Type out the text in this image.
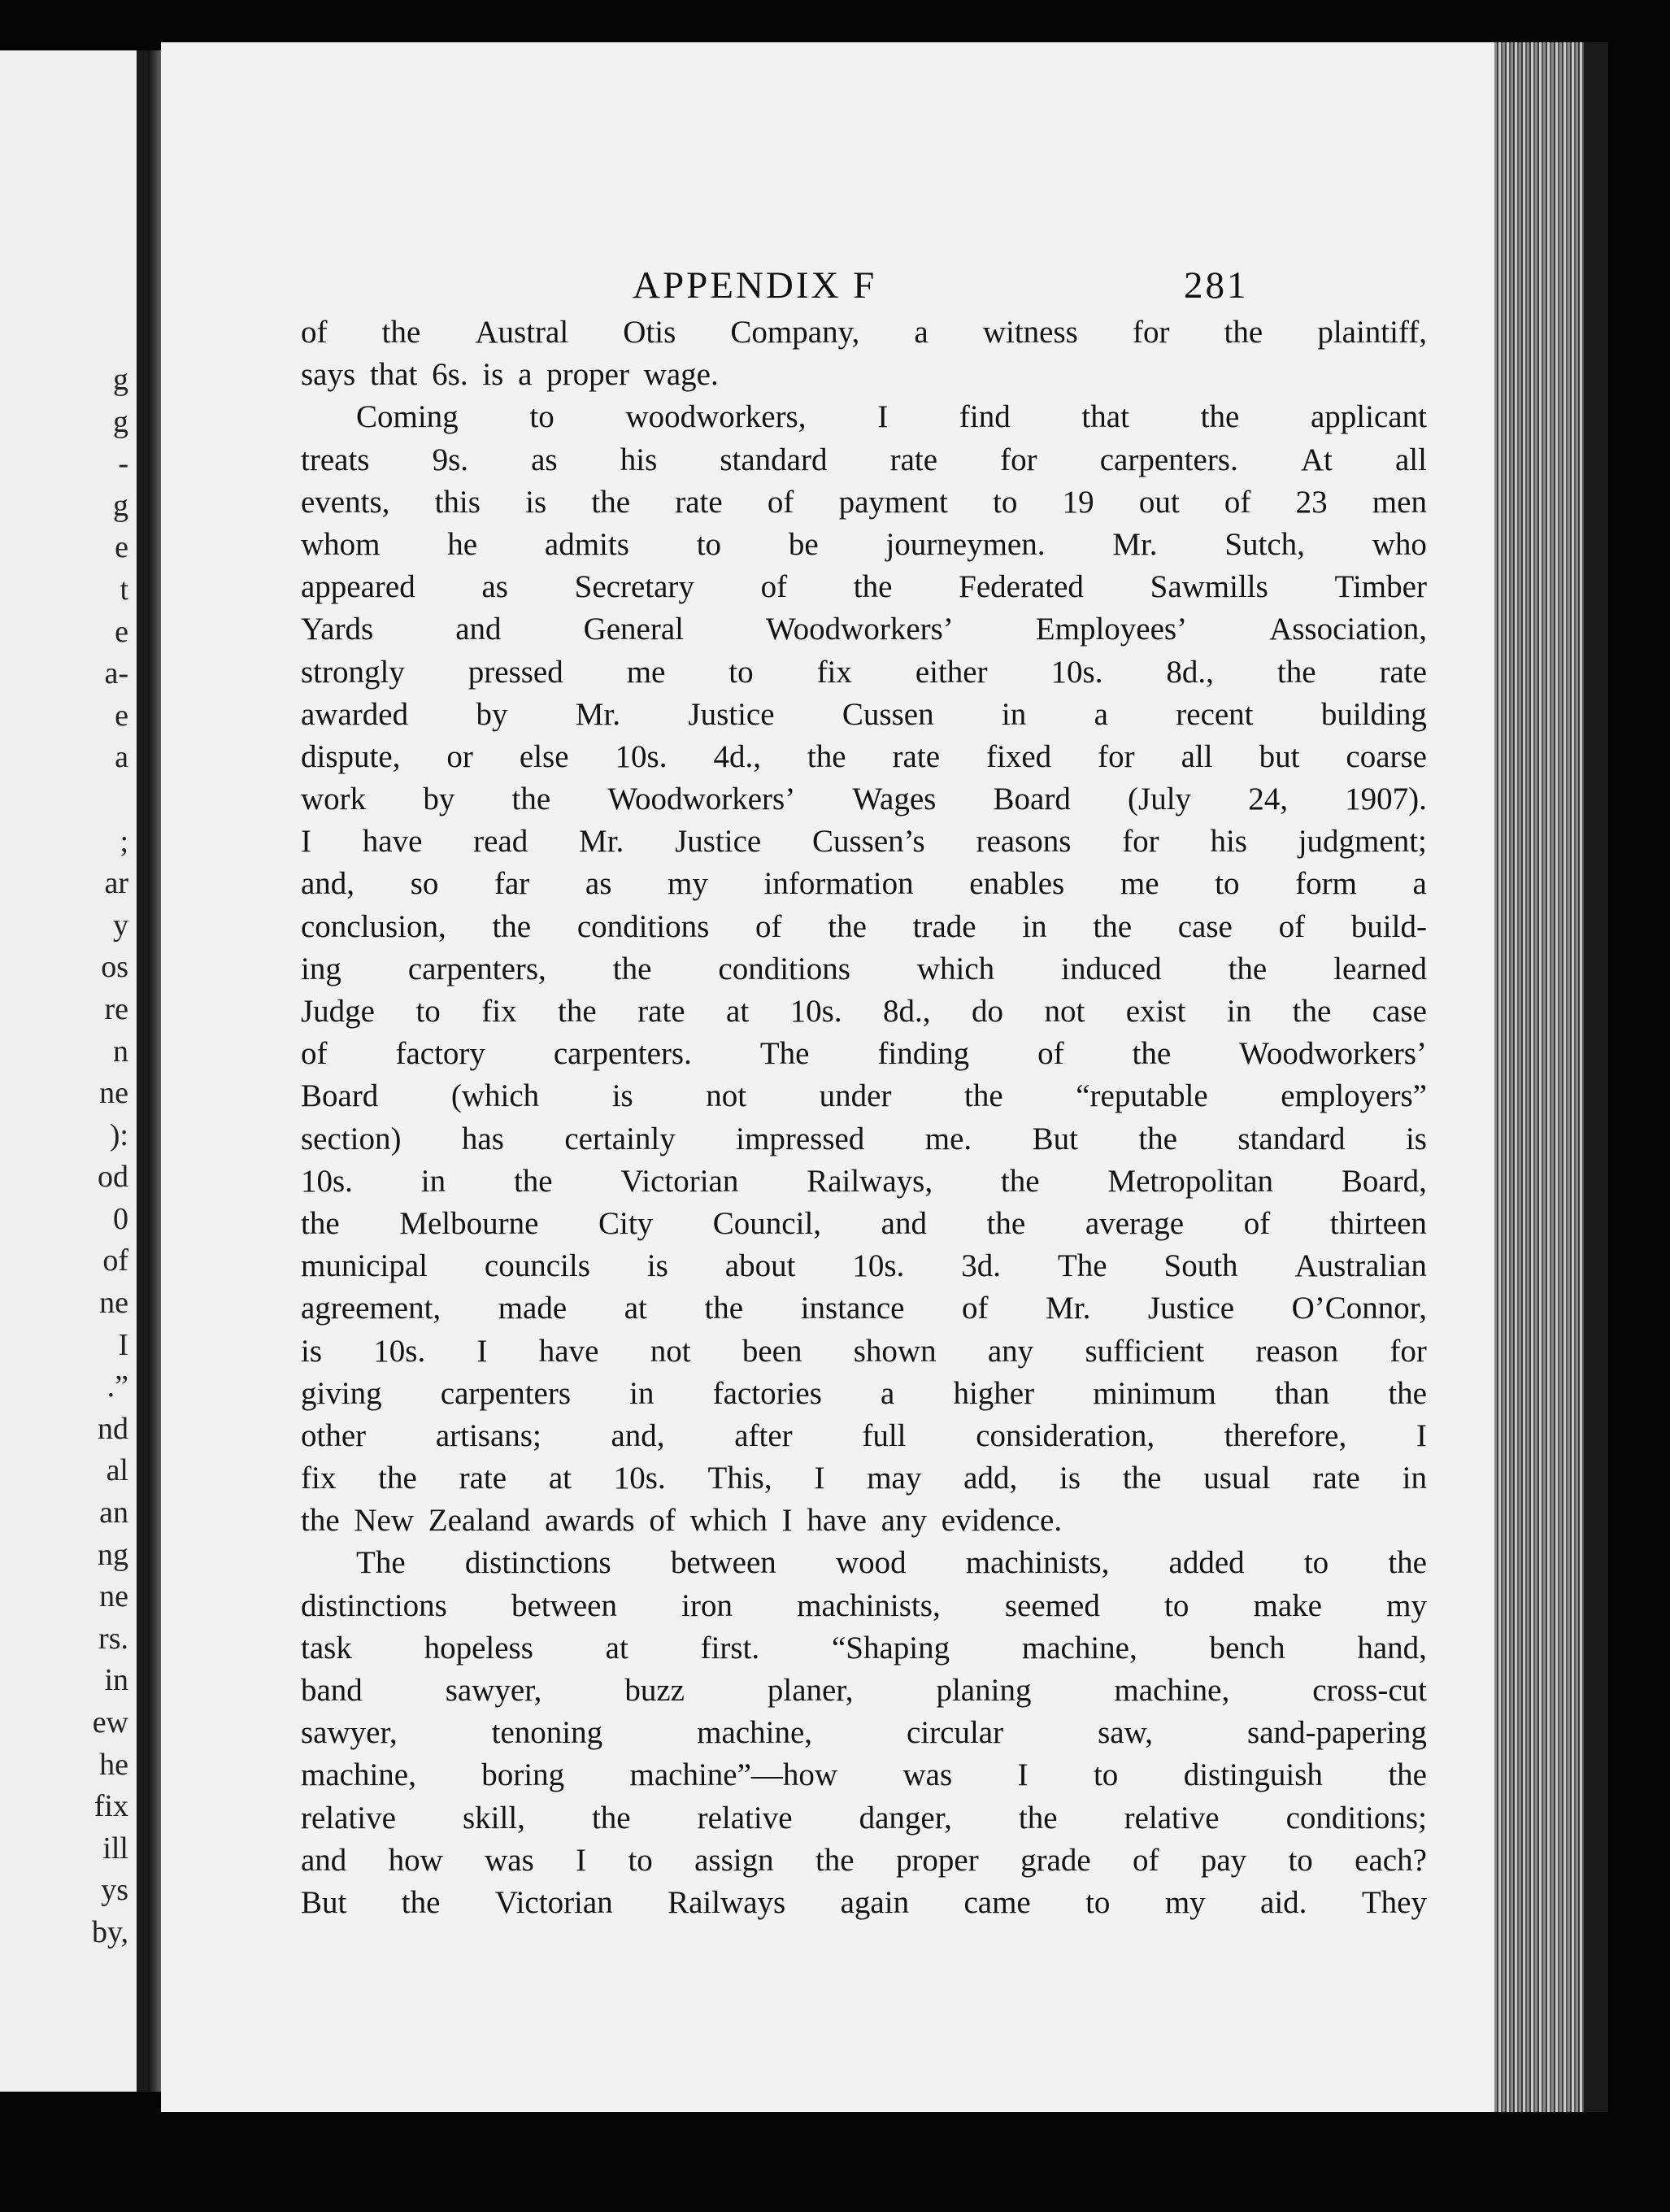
g
g
-
g
e
t
e
a-
e
a

;
ar
y
os
re
n
ne
):
od
0
of
ne
I
.”
nd
al
an
ng
ne
rs.
in
ew
he
fix
ill
ys
by,
APPENDIX F	281
of the Austral Otis Company, a witness for the plaintiff,
says that 6s. is a proper wage.
Coming to woodworkers, I find that the applicant
treats 9s. as his standard rate for carpenters. At all
events, this is the rate of payment to 19 out of 23 men
whom he admits to be journeymen. Mr. Sutch, who
appeared as Secretary of the Federated Sawmills Timber
Yards	and	General	Woodworkers’	Employees’	Association,
strongly pressed me to fix either 10s. 8d., the rate
awarded by Mr. Justice Cussen in a recent building
dispute, or else 10s. 4d., the rate fixed for all but coarse
work by the Woodworkers’ Wages Board (July 24, 1907).
I have read Mr. Justice Cussen’s reasons for his judgment;
and, so far as my information enables me to form a
conclusion, the conditions of the trade in the case of build-
ing carpenters, the conditions which induced the learned
Judge to fix the rate at 10s. 8d., do not exist in the case
of factory carpenters. The finding of the Woodworkers’
Board (which is not under the “reputable employers”
section) has certainly impressed me. But the standard is
10s. in the Victorian Railways, the Metropolitan Board,
the Melbourne City Council, and the average of thirteen
municipal councils is about 10s. 3d. The South Australian
agreement, made at the instance of Mr. Justice O’Connor,
is 10s. I have not been shown any sufficient reason for
giving carpenters in factories a higher minimum than the
other artisans; and, after full consideration, therefore, I
fix the rate at 10s. This, I may add, is the usual rate in
the New Zealand awards of which I have any evidence.
The distinctions between wood machinists, added to the
distinctions between iron machinists, seemed to make my
task hopeless at first. “Shaping machine, bench hand,
band	sawyer,	buzz	planer,	planing	machine,	cross-cut
sawyer,	tenoning	machine,	circular	saw,	sand-papering
machine, boring machine”—how was I to distinguish the
relative skill, the relative danger, the relative conditions;
and how was I to assign the proper grade of pay to each?
But the Victorian Railways again came to my aid. They
